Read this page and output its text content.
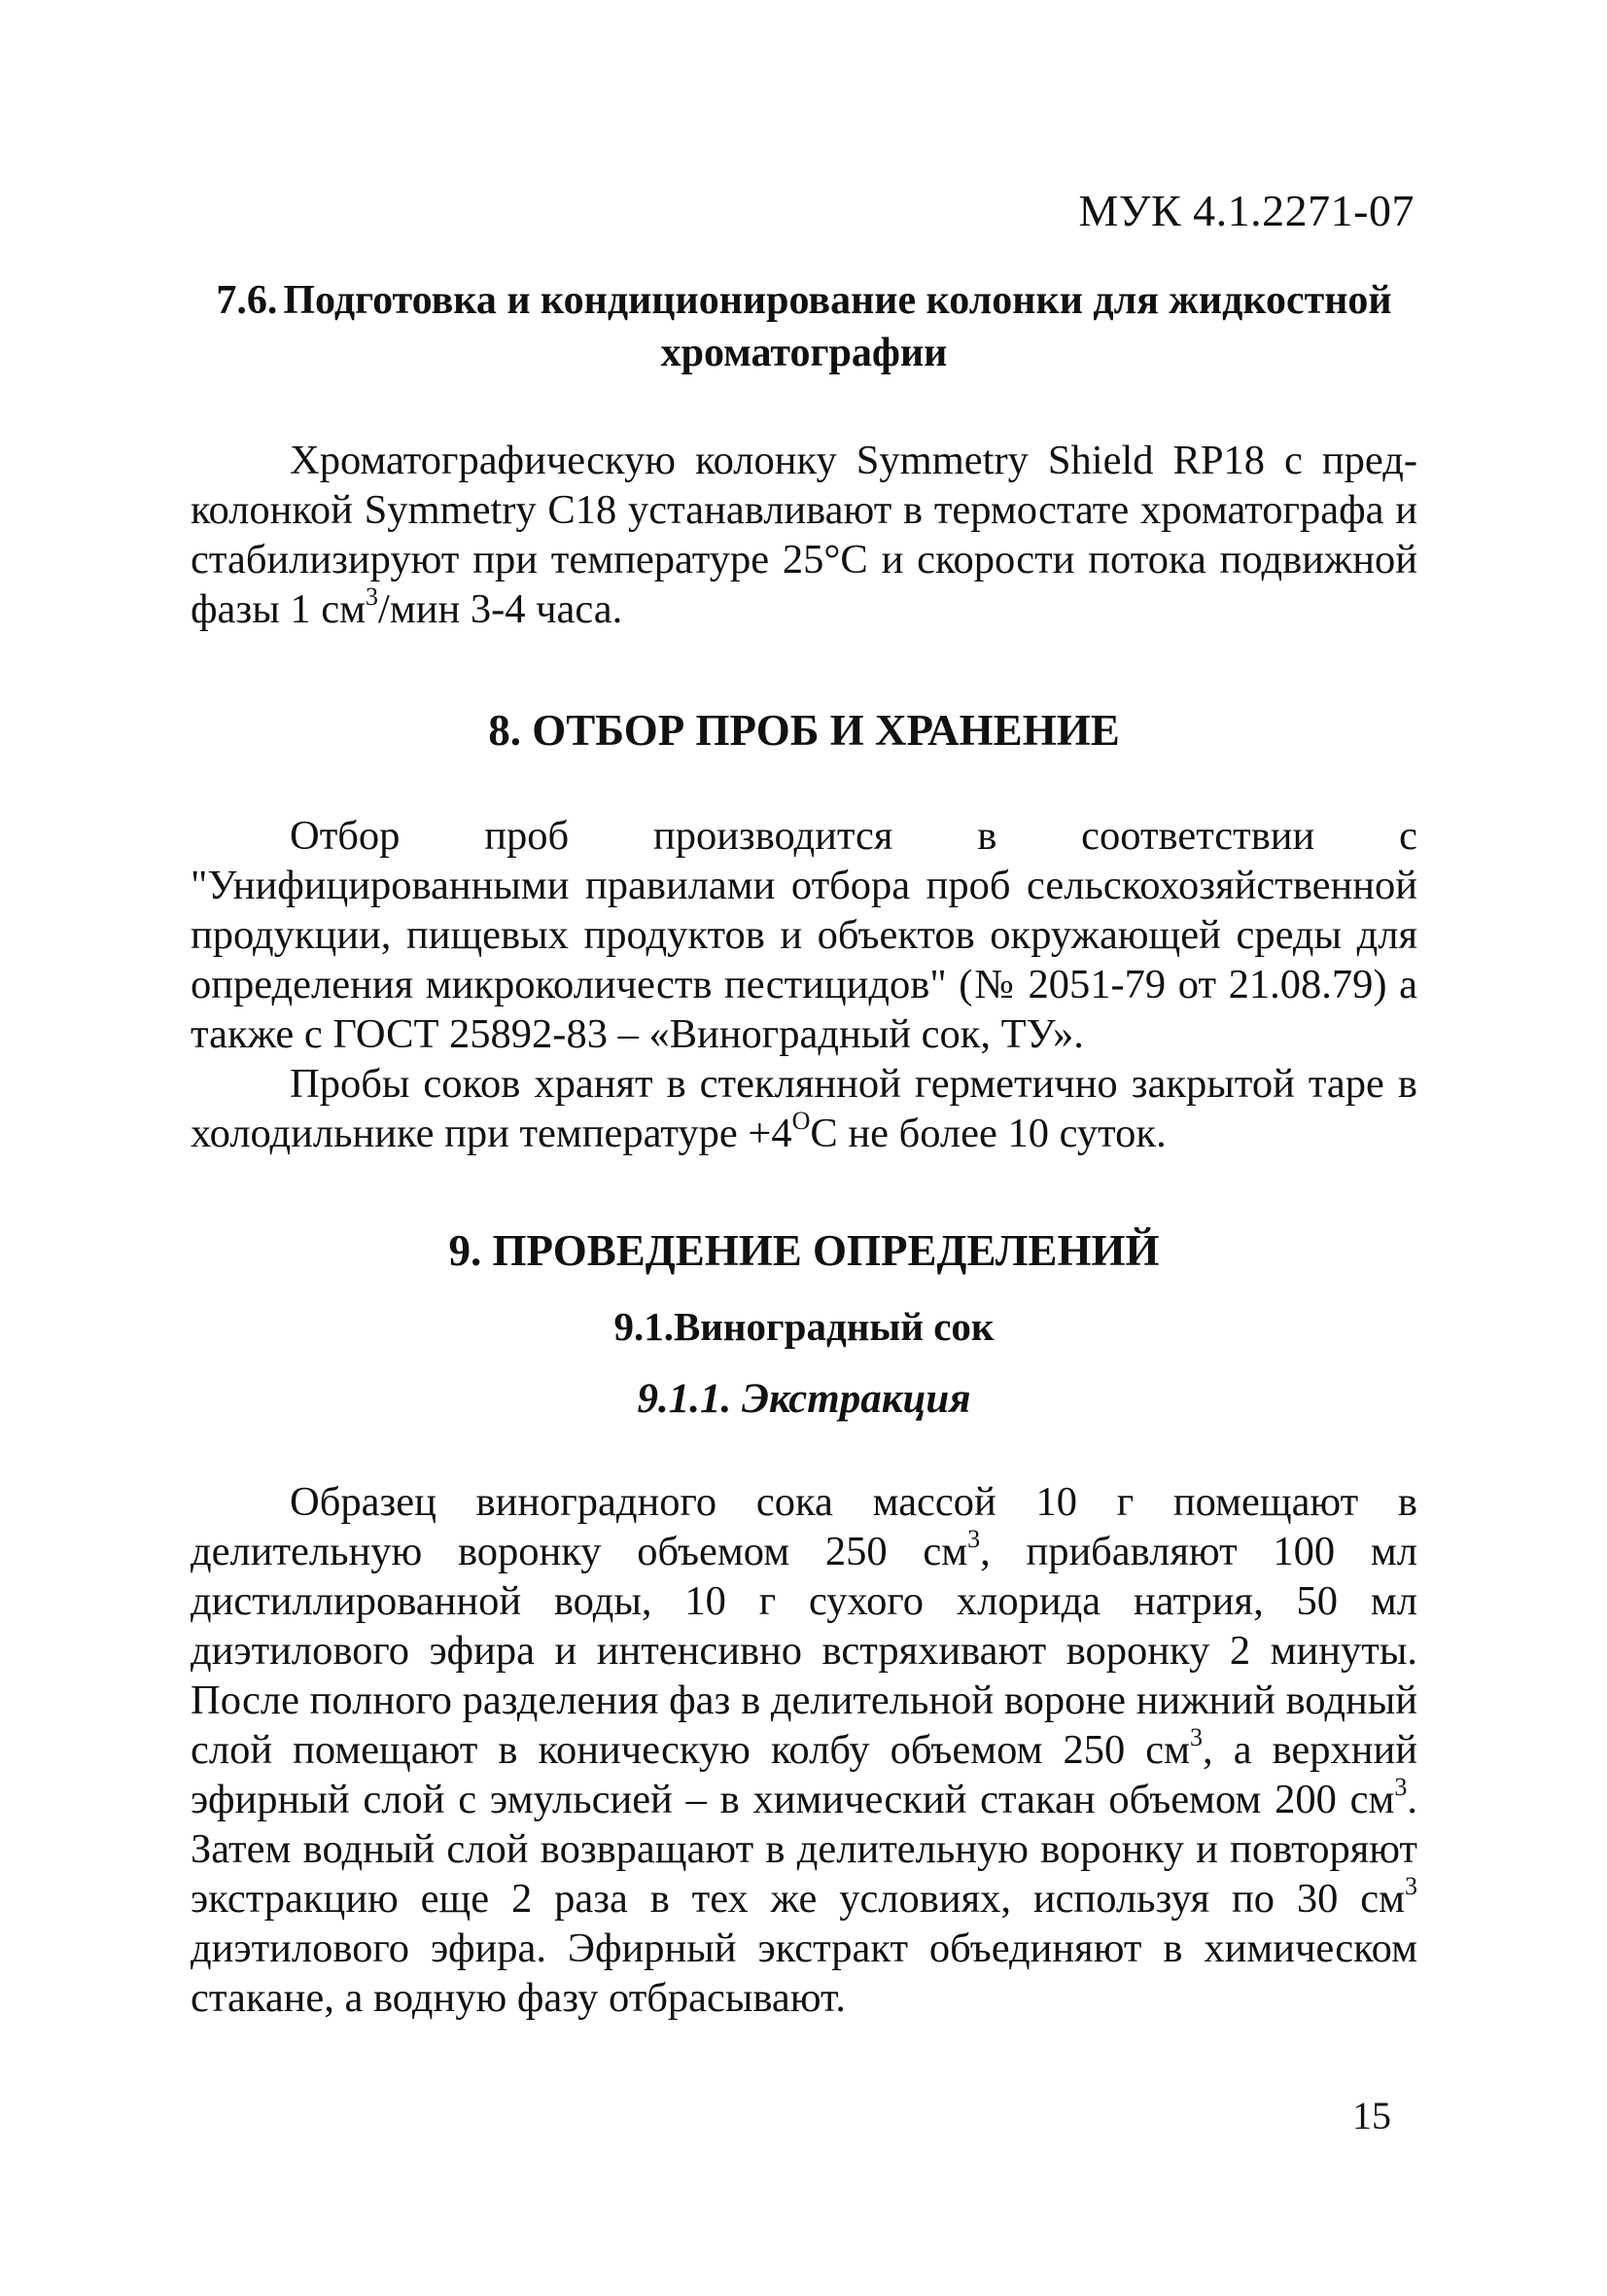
МУК 4.1.2271-07
7.6. Подготовка и кондиционирование колонки для жидкостной
хроматографии

Хроматографическую колонку Symmetry Shield RP18 с пред-колонкой Symmetry C18 устанавливают в термостате хроматографа и стабилизируют при температуре 25°С и скорости потока подвижной фазы 1 $см^3$/мин 3-4 часа.

8. ОТБОР ПРОБ И ХРАНЕНИЕ

Отбор проб производится в соответствии с "Унифицированными правилами отбора проб сельскохозяйственной продукции, пищевых продуктов и объектов окружающей среды для определения микроколичеств пестицидов" (№ 2051-79 от 21.08.79) а также с ГОСТ 25892-83 – «Виноградный сок, ТУ».

Пробы соков хранят в стеклянной герметично закрытой таре в холодильнике при температуре $+4^ОС$ не более 10 суток.

9. ПРОВЕДЕНИЕ ОПРЕДЕЛЕНИЙ
9.1.Виноградный сок
9.1.1. Экстракция

Образец виноградного сока массой 10 г помещают в делительную воронку объемом 250 $см^3$, прибавляют 100 мл дистиллированной воды, 10 г сухого хлорида натрия, 50 мл диэтилового эфира и интенсивно встряхивают воронку 2 минуты. После полного разделения фаз в делительной вороне нижний водный слой помещают в коническую колбу объемом 250 $см^3$, а верхний эфирный слой с эмульсией – в химический стакан объемом 200 $см^3$. Затем водный слой возвращают в делительную воронку и повторяют экстракцию еще 2 раза в тех же условиях, используя по 30 $см^3$ диэтилового эфира. Эфирный экстракт объединяют в химическом стакане, а водную фазу отбрасывают.

15
